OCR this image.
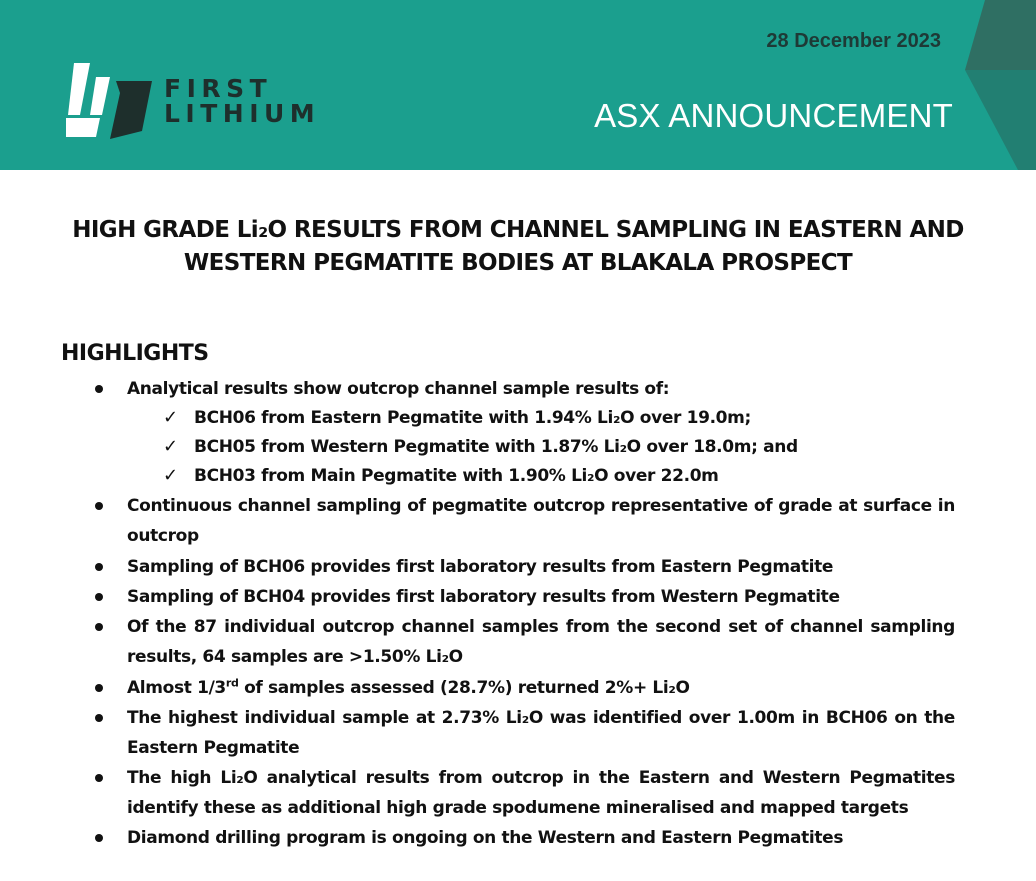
FIRST
LITHIUM
28 December 2023
ASX ANNOUNCEMENT
HIGH GRADE Li₂O RESULTS FROM CHANNEL SAMPLING IN EASTERN AND
WESTERN PEGMATITE BODIES AT BLAKALA PROSPECT
HIGHLIGHTS
Analytical results show outcrop channel sample results of:
✓ BCH06 from Eastern Pegmatite with 1.94% Li₂O over 19.0m;
✓ BCH05 from Western Pegmatite with 1.87% Li₂O over 18.0m; and
✓ BCH03 from Main Pegmatite with 1.90% Li₂O over 22.0m
Continuous channel sampling of pegmatite outcrop representative of grade at surface in outcrop
Sampling of BCH06 provides first laboratory results from Eastern Pegmatite
Sampling of BCH04 provides first laboratory results from Western Pegmatite
Of the 87 individual outcrop channel samples from the second set of channel sampling results, 64 samples are >1.50% Li₂O
Almost 1/3rd of samples assessed (28.7%) returned 2%+ Li₂O
The highest individual sample at 2.73% Li₂O was identified over 1.00m in BCH06 on the Eastern Pegmatite
The high Li₂O analytical results from outcrop in the Eastern and Western Pegmatites identify these as additional high grade spodumene mineralised and mapped targets
Diamond drilling program is ongoing on the Western and Eastern Pegmatites
